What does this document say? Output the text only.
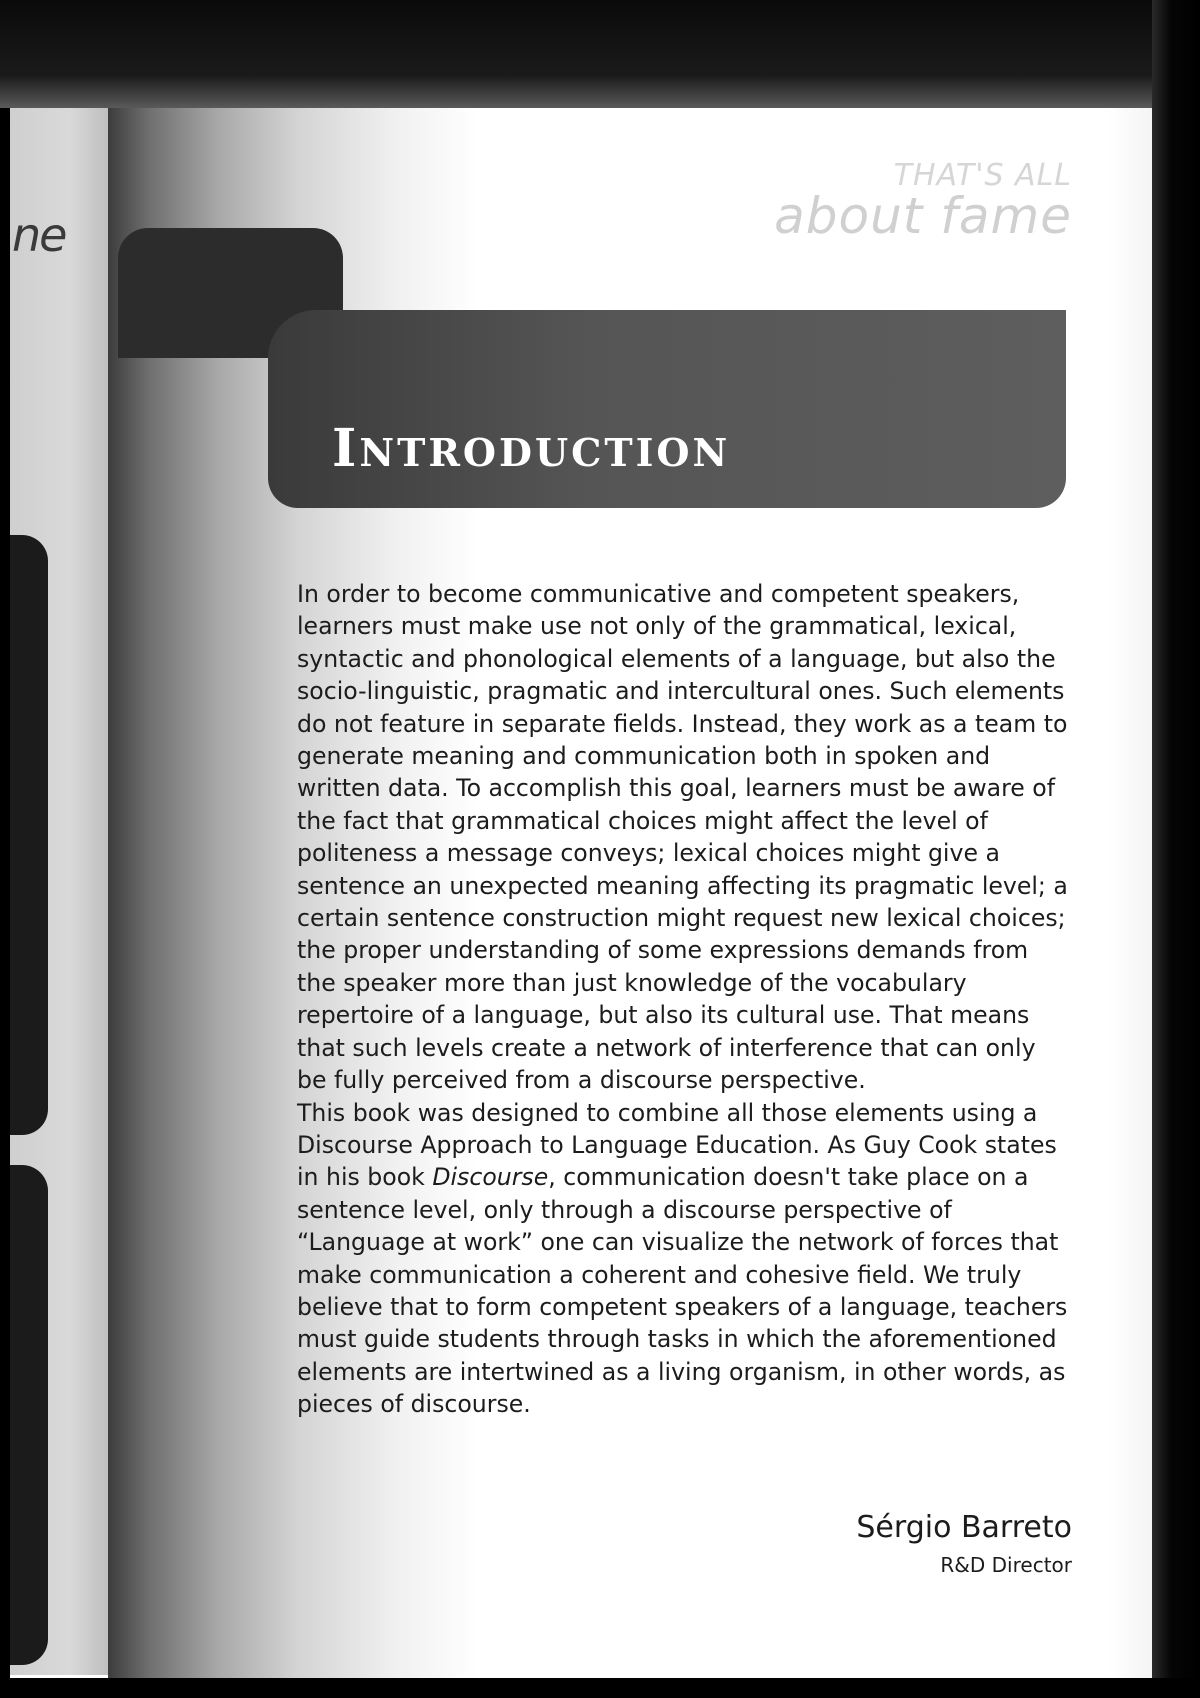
ne
THAT'S ALL
about fame
INTRODUCTION

In order to become communicative and competent speakers, learners must make use not only of the grammatical, lexical, syntactic and phonological elements of a language, but also the socio-linguistic, pragmatic and intercultural ones. Such elements do not feature in separate fields. Instead, they work as a team to generate meaning and communication both in spoken and written data. To accomplish this goal, learners must be aware of the fact that grammatical choices might affect the level of politeness a message conveys; lexical choices might give a sentence an unexpected meaning affecting its pragmatic level; a certain sentence construction might request new lexical choices; the proper understanding of some expressions demands from the speaker more than just knowledge of the vocabulary repertoire of a language, but also its cultural use. That means that such levels create a network of interference that can only be fully perceived from a discourse perspective.

This book was designed to combine all those elements using a Discourse Approach to Language Education. As Guy Cook states in his book Discourse, communication doesn't take place on a sentence level, only through a discourse perspective of “Language at work” one can visualize the network of forces that make communication a coherent and cohesive field. We truly believe that to form competent speakers of a language, teachers must guide students through tasks in which the aforementioned elements are intertwined as a living organism, in other words, as pieces of discourse.

Sérgio Barreto
R&D Director
